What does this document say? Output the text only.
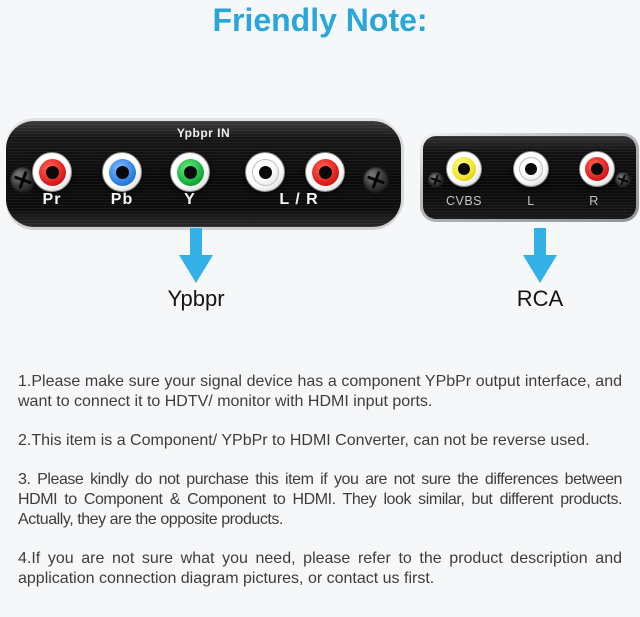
Friendly Note:
Ypbpr IN
Pr	Pb	Y	L / R	CVBS	L	R
Ypbpr	RCA

1.Please make sure your signal device has a component YPbPr output interface, and want to connect it to HDTV/ monitor with HDMI input ports.

2.This item is a Component/ YPbPr to HDMI Converter, can not be reverse used.

3. Please kindly do not purchase this item if you are not sure the differences between HDMI to Component & Component to HDMI. They look similar, but different products. Actually, they are the opposite products.

4.If you are not sure what you need, please refer to the product description and application connection diagram pictures, or contact us first.
